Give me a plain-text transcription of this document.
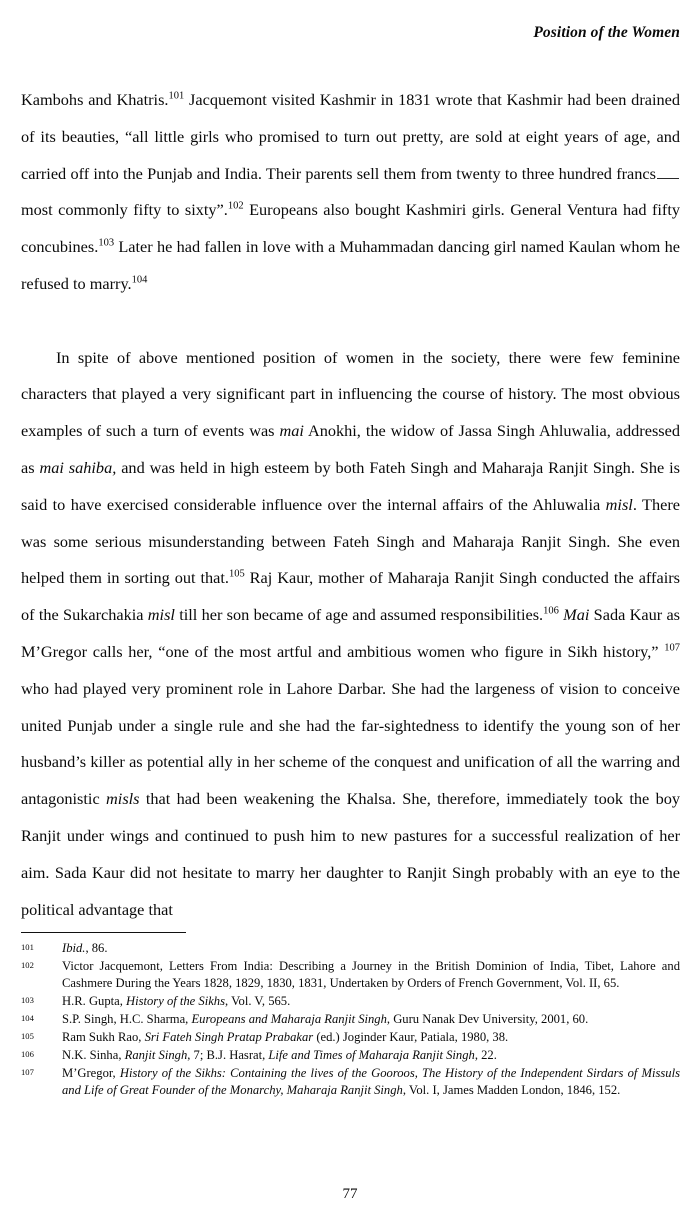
Position of the Women

Kambohs and Khatris.$^{101}$ Jacquemont visited Kashmir in 1831 wrote that Kashmir had been drained of its beauties, “all little girls who promised to turn out pretty, are sold at eight years of age, and carried off into the Punjab and India. Their parents sell them from twenty to three hundred francs most commonly fifty to sixty”.$^{102}$ Europeans also bought Kashmiri girls. General Ventura had fifty concubines.$^{103}$ Later he had fallen in love with a Muhammadan dancing girl named Kaulan whom he refused to marry.$^{104}$

In spite of above mentioned position of women in the society, there were few feminine characters that played a very significant part in influencing the course of history. The most obvious examples of such a turn of events was mai Anokhi, the widow of Jassa Singh Ahluwalia, addressed as mai sahiba, and was held in high esteem by both Fateh Singh and Maharaja Ranjit Singh. She is said to have exercised considerable influence over the internal affairs of the Ahluwalia misl. There was some serious misunderstanding between Fateh Singh and Maharaja Ranjit Singh. She even helped them in sorting out that.$^{105}$ Raj Kaur, mother of Maharaja Ranjit Singh conducted the affairs of the Sukarchakia misl till her son became of age and assumed responsibilities.$^{106}$ Mai Sada Kaur as M’Gregor calls her, “one of the most artful and ambitious women who figure in Sikh history,” $^{107}$ who had played very prominent role in Lahore Darbar. She had the largeness of vision to conceive united Punjab under a single rule and she had the far-sightedness to identify the young son of her husband’s killer as potential ally in her scheme of the conquest and unification of all the warring and antagonistic misls that had been weakening the Khalsa. She, therefore, immediately took the boy Ranjit under wings and continued to push him to new pastures for a successful realization of her aim. Sada Kaur did not hesitate to marry her daughter to Ranjit Singh probably with an eye to the political advantage that

101	Ibid., 86.
102	Victor Jacquemont, Letters From India: Describing a Journey in the British Dominion of India, Tibet, Lahore and Cashmere During the Years 1828, 1829, 1830, 1831, Undertaken by Orders of French Government, Vol. II, 65.
103	H.R. Gupta, History of the Sikhs, Vol. V, 565.
104	S.P. Singh, H.C. Sharma, Europeans and Maharaja Ranjit Singh, Guru Nanak Dev University, 2001, 60.
105	Ram Sukh Rao, Sri Fateh Singh Pratap Prabakar (ed.) Joginder Kaur, Patiala, 1980, 38.
106	N.K. Sinha, Ranjit Singh, 7; B.J. Hasrat, Life and Times of Maharaja Ranjit Singh, 22.
107	M’Gregor, History of the Sikhs: Containing the lives of the Gooroos, The History of the Independent Sirdars of Missuls and Life of Great Founder of the Monarchy, Maharaja Ranjit Singh, Vol. I, James Madden London, 1846, 152.
77
